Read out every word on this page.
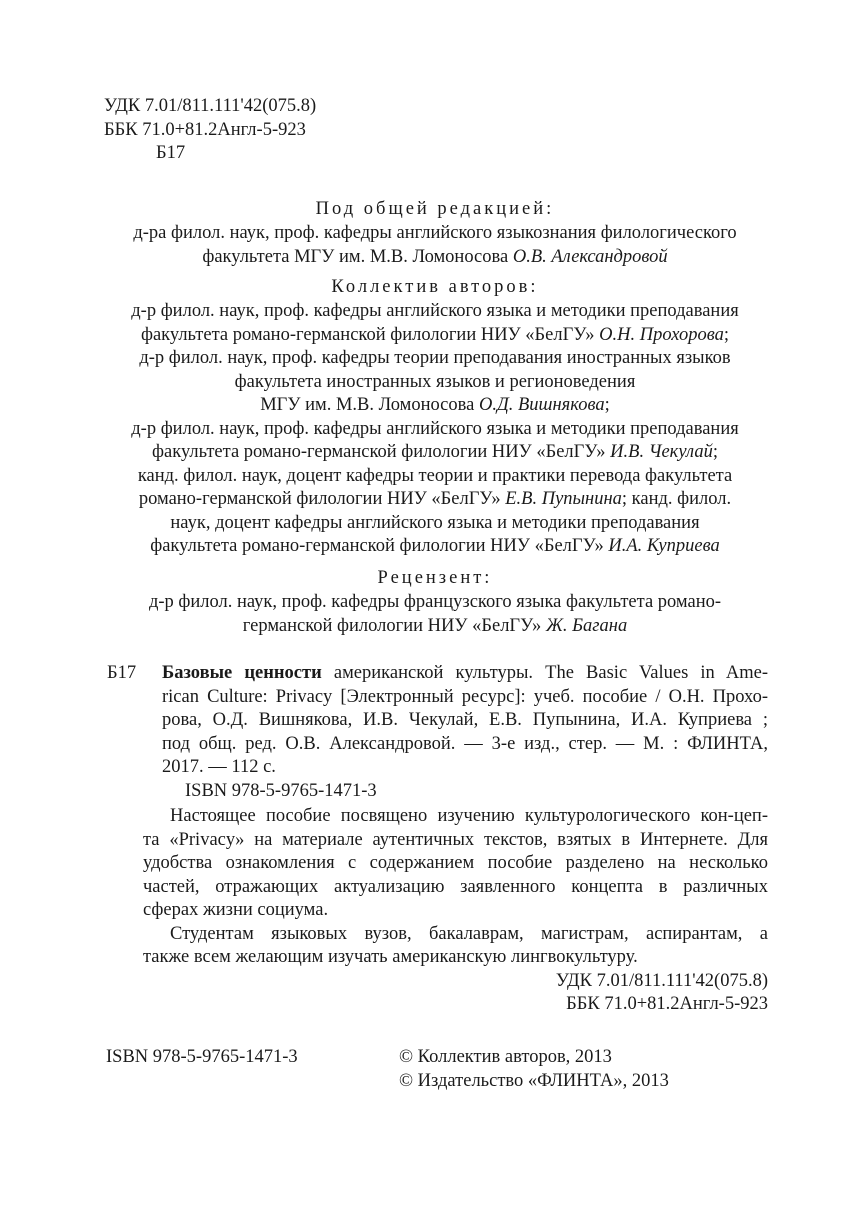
УДК 7.01/811.111'42(075.8)
ББК 71.0+81.2Англ-5-923
Б17
Под общей редакцией:
д-ра филол. наук, проф. кафедры английского языкознания филологического
факультета МГУ им. М.В. Ломоносова О.В. Александровой
Коллектив авторов:
д-р филол. наук, проф. кафедры английского языка и методики преподавания
факультета романо-германской филологии НИУ «БелГУ» О.Н. Прохорова;
д-р филол. наук, проф. кафедры теории преподавания иностранных языков
факультета иностранных языков и регионоведения
МГУ им. М.В. Ломоносова О.Д. Вишнякова;
д-р филол. наук, проф. кафедры английского языка и методики преподавания
факультета романо-германской филологии НИУ «БелГУ» И.В. Чекулай;
канд. филол. наук, доцент кафедры теории и практики перевода факультета
романо-германской филологии НИУ «БелГУ» Е.В. Пупынина; канд. филол.
наук, доцент кафедры английского языка и методики преподавания
факультета романо-германской филологии НИУ «БелГУ» И.А. Куприева
Рецензент:
д-р филол. наук, проф. кафедры французского языка факультета романо-
германской филологии НИУ «БелГУ» Ж. Багана
Б17 Базовые ценности американской культуры. The Basic Values in Ame-
rican Culture: Privacy [Электронный ресурс]: учеб. пособие / О.Н. Прохо-
рова, О.Д. Вишнякова, И.В. Чекулай, Е.В. Пупынина, И.А. Куприева ;
под общ. ред. О.В. Александровой. — 3-е изд., стер. — М. : ФЛИНТА,
2017. — 112 с.
ISBN 978-5-9765-1471-3
Настоящее пособие посвящено изучению культурологического кон-цеп-
та «Privacy» на материале аутентичных текстов, взятых в Интернете. Для
удобства ознакомления с содержанием пособие разделено на несколько
частей, отражающих актуализацию заявленного концепта в различных
сферах жизни социума.
Студентам языковых вузов, бакалаврам, магистрам, аспирантам, а
также всем желающим изучать американскую лингвокультуру.
УДК 7.01/811.111'42(075.8)
ББК 71.0+81.2Англ-5-923
ISBN 978-5-9765-1471-3	© Коллектив авторов, 2013
© Издательство «ФЛИНТА», 2013
